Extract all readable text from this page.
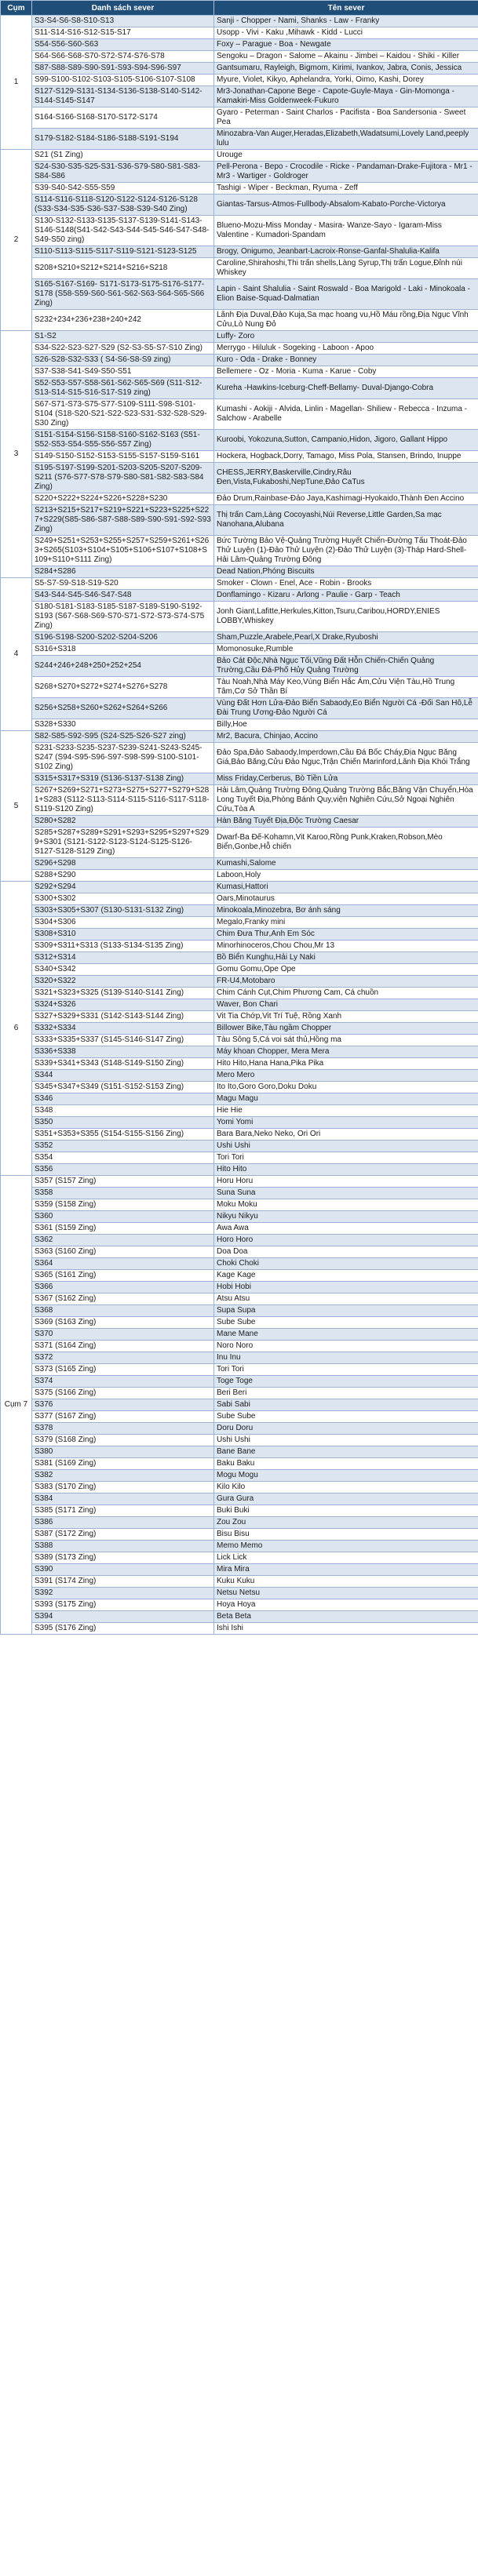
Cụm	Danh sách sever	Tên sever
1	S3-S4-S6-S8-S10-S13	Sanji - Chopper - Nami, Shanks - Law - Franky
	S11-S14-S16-S12-S15-S17	Usopp - Vivi - Kaku ,Mihawk - Kidd - Lucci
	S54-S56-S60-S63	Foxy – Parague - Boa - Newgate
	S64-S66-S68-S70-S72-S74-S76-S78	Sengoku – Dragon - Salome – Akainu - Jimbei – Kaidou - Shiki - Killer
	S87-S88-S89-S90-S91-S93-S94-S96-S97	Gantsumaru, Rayleigh, Bigmom, Kirimi, Ivankov, Jabra, Conis, Jessica
	S99-S100-S102-S103-S105-S106-S107-S108	Myure, Violet, Kikyo, Aphelandra, Yorki, Oimo, Kashi, Dorey
	S127-S129-S131-S134-S136-S138-S140-S142-S144-S145-S147	Mr3-Jonathan-Capone Bege - Capote-Guyle-Maya - Gin-Momonga - Kamakiri-Miss Goldenweek-Fukuro
	S164-S166-S168-S170-S172-S174	Gyaro - Peterman - Saint Charlos - Pacifista - Boa Sandersonia - Sweet Pea
	S179-S182-S184-S186-S188-S191-S194	Minozabra-Van Auger,Heradas,Elizabeth,Wadatsumi,Lovely Land,peeply lulu
2	S21 (S1 Zing)	Urouge
	S24-S30-S35-S25-S31-S36-S79-S80-S81-S83-S84-S86	Pell-Perona - Bepo - Crocodile - Ricke - Pandaman-Drake-Fujitora - Mr1 - Mr3 - Wartiger - Goldroger
	S39-S40-S42-S55-S59	Tashigi - Wiper - Beckman, Ryuma - Zeff
	S114-S116-S118-S120-S122-S124-S126-S128 (S33-S34-S35-S36-S37-S38-S39-S40 Zing)	Giantas-Tarsus-Atmos-Fullbody-Absalom-Kabato-Porche-Victorya
	S130-S132-S133-S135-S137-S139-S141-S143-S146-S148(S41-S42-S43-S44-S45-S46-S47-S48-S49-S50 zing)	Blueno-Mozu-Miss Monday - Masira- Wanze-Sayo - Igaram-Miss Valentine - Kumadori-Spandam
	S110-S113-S115-S117-S119-S121-S123-S125	Brogy, Onigumo, Jeanbart-Lacroix-Ronse-Ganfal-Shalulia-Kalifa
	S208+S210+S212+S214+S216+S218	Caroline,Shirahoshi,Thi trấn shells,Làng Syrup,Thị trấn Logue,Đỉnh núi Whiskey
	S165-S167-S169- S171-S173-S175-S176-S177-S178 (S58-S59-S60-S61-S62-S63-S64-S65-S66 Zing)	Lapin - Saint Shalulia - Saint Roswald - Boa Marigold - Laki - Minokoala - Elion Baise-Squad-Dalmatian
	S232+234+236+238+240+242	Lãnh Địa Duval,Đảo Kuja,Sa mạc hoang vu,Hồ Máu rồng,Địa Ngục Vĩnh Cửu,Lò Nung Đỏ
3	S1-S2	Luffy- Zoro
	S34-S22-S23-S27-S29 (S2-S3-S5-S7-S10 Zing)	Merrygo - Hiluluk - Sogeking - Laboon - Apoo
	S26-S28-S32-S33 ( S4-S6-S8-S9 zing)	Kuro - Oda - Drake - Bonney
	S37-S38-S41-S49-S50-S51	Bellemere - Oz - Moria - Kuma - Karue - Coby
	S52-S53-S57-S58-S61-S62-S65-S69 (S11-S12-S13-S14-S15-S16-S17-S19 zing)	Kureha -Hawkins-Iceburg-Cheff-Bellamy- Duval-Django-Cobra
	S67-S71-S73-S75-S77-S109-S111-S98-S101-S104 (S18-S20-S21-S22-S23-S31-S32-S28-S29-S30 Zing)	Kumashi - Aokiji - Alvida, Linlin - Magellan- Shiliew - Rebecca - Inzuma - Salchow - Arabelle
	S151-S154-S156-S158-S160-S162-S163 (S51-S52-S53-S54-S55-S56-S57 Zing)	Kuroobi, Yokozuna,Sutton, Campanio,Hidon, Jigoro, Gallant Hippo
	S149-S150-S152-S153-S155-S157-S159-S161	Hockera, Hogback,Dorry, Tamago, Miss Pola, Stansen, Brindo, Inuppe
	S195-S197-S199-S201-S203-S205-S207-S209-S211 (S76-S77-S78-S79-S80-S81-S82-S83-S84 Zing)	CHESS,JERRY,Baskerville,Cindry,Râu Đen,Vista,Fukaboshi,NepTune,Đảo CaTus
	S220+S222+S224+S226+S228+S230	Đảo Drum,Rainbase-Đảo Jaya,Kashimagi-Hyokaido,Thành Đen Accino
	S213+S215+S217+S219+S221+S223+S225+S227+S229(S85-S86-S87-S88-S89-S90-S91-S92-S93 Zing)	Thị trấn Cam,Làng Cocoyashi,Núi Reverse,Little Garden,Sa mạc Nanohana,Alubana
	S249+S251+S253+S255+S257+S259+S261+S263+S265(S103+S104+S105+S106+S107+S108+S109+S110+S111 Zing)	Bức Tường Bảo Vệ-Quảng Trường Huyết Chiến-Đường Tấu Thoát-Đảo Thử Luyện (1)-Đảo Thử Luyện (2)-Đảo Thử Luyện (3)-Tháp Hard-Shell-Hải Lâm-Quảng Trường Đông
	S284+S286	Dead Nation,Phóng Biscuits
4	S5-S7-S9-S18-S19-S20	Smoker - Clown - Enel, Ace - Robin - Brooks
	S43-S44-S45-S46-S47-S48	Donflamingo - Kizaru - Arlong - Paulie - Garp - Teach
	S180-S181-S183-S185-S187-S189-S190-S192-S193 (S67-S68-S69-S70-S71-S72-S73-S74-S75 Zing)	Jonh Giant,Lafitte,Herkules,Kitton,Tsuru,Caribou,HORDY,ENIES LOBBY,Whiskey
	S196-S198-S200-S202-S204-S206	Sham,Puzzle,Arabele,Pearl,X Drake,Ryuboshi
	S316+S318	Momonosuke,Rumble
	S244+246+248+250+252+254	Bảo Cát Độc,Nhà Ngục Tối,Vũng Đất Hỗn Chiến-Chiến Quảng Trường,Cầu Đá-Phố Hủy Quảng Trường
	S268+S270+S272+S274+S276+S278	Tàu Noah,Nhà Máy Keo,Vùng Biển Hắc Ám,Cửu Viện Tàu,Hồ Trung Tâm,Cơ Sở Thần Bí
	S256+S258+S260+S262+S264+S266	Vùng Đất Hơn Lửa-Đảo Biển Sabaody,Eo Biển Người Cá -Đối San Hô,Lễ Đài Trung Ương-Đảo Người Cá
	S328+S330	Billy,Hoe
5	S82-S85-S92-S95 (S24-S25-S26-S27 zing)	Mr2, Bacura, Chinjao, Accino
	S231-S233-S235-S237-S239-S241-S243-S245-S247 (S94-S95-S96-S97-S98-S99-S100-S101-S102 Zing)	Đảo Spa,Đảo Sabaody,Imperdown,Cầu Đá Bốc Cháy,Địa Ngục Băng Giá,Bảo Băng,Cửu Đảo Ngục,Trận Chiến Marinford,Lãnh Địa Khói Trắng
	S315+S317+S319 (S136-S137-S138 Zing)	Miss Friday,Cerberus, Bò Tiền Lửa
	S267+S269+S271+S273+S275+S277+S279+S281+S283 (S112-S113-S114-S115-S116-S117-S118-S119-S120 Zing)	Hải Lâm,Quảng Trường Đông,Quảng Trường Bắc,Băng Vận Chuyển,Hòa Long Tuyết Địa,Phòng Bánh Quy,viện Nghiên Cứu,Sở Ngoại Nghiên Cứu,Tòa A
	S280+S282	Hàn Băng Tuyết Địa,Độc Trường Caesar
	S285+S287+S289+S291+S293+S295+S297+S299+S301 (S121-S122-S123-S124-S125-S126-S127-S128-S129 Zing)	Dwarf-Ba Đế-Kohamn,Vit Karoo,Rồng Punk,Kraken,Robson,Mèo Biển,Gonbe,Hỗ chiến
	S296+S298	Kumashi,Salome
	S288+S290	Laboon,Holy
6	S292+S294	Kumasi,Hattori
	S300+S302	Oars,Minotaurus
	S303+S305+S307 (S130-S131-S132 Zing)	Minokoala,Minozebra, Bơ ánh sáng
	S304+S306	Megalo,Franky mini
	S308+S310	Chim Đưa Thư,Anh Em Sóc
	S309+S311+S313 (S133-S134-S135 Zing)	Minorhinoceros,Chou Chou,Mr 13
	S312+S314	Bồ Biển Kunghu,Hải Ly Naki
	S340+S342	Gomu Gomu,Ope Ope
	S320+S322	FR-U4,Motobaro
	S321+S323+S325 (S139-S140-S141 Zing)	Chim Cánh Cụt,Chim Phương Cam, Cá chuồn
	S324+S326	Waver, Bon Chari
	S327+S329+S331 (S142-S143-S144 Zing)	Vit Tia Chớp,Vit Trí Tuệ, Rồng Xanh
	S332+S334	Billower Bike,Tàu ngầm Chopper
	S333+S335+S337 (S145-S146-S147 Zing)	Tàu Sông 5,Cá voi sát thủ,Hồng ma
	S336+S338	Máy khoan Chopper, Mera Mera
	S339+S341+S343 (S148-S149-S150 Zing)	Hito Hito,Hana Hana,Pika Pika
	S344	Mero Mero
	S345+S347+S349 (S151-S152-S153 Zing)	Ito Ito,Goro Goro,Doku Doku
	S346	Magu Magu
	S348	Hie Hie
	S350	Yomi Yomi
	S351+S353+S355 (S154-S155-S156 Zing)	Bara Bara,Neko Neko, Ori Ori
	S352	Ushi Ushi
	S354	Tori Tori
	S356	Hito Hito
Cụm 7	S357 (S157 Zing)	Horu Horu
	S358	Suna Suna
	S359 (S158 Zing)	Moku Moku
	S360	Nikyu Nikyu
	S361 (S159 Zing)	Awa Awa
	S362	Horo Horo
	S363 (S160 Zing)	Doa Doa
	S364	Choki Choki
	S365 (S161 Zing)	Kage Kage
	S366	Hobi Hobi
	S367 (S162 Zing)	Atsu Atsu
	S368	Supa Supa
	S369 (S163 Zing)	Sube Sube
	S370	Mane Mane
	S371 (S164 Zing)	Noro Noro
	S372	Inu Inu
	S373 (S165 Zing)	Tori Tori
	S374	Toge Toge
	S375 (S166 Zing)	Beri Beri
	S376	Sabi Sabi
	S377 (S167 Zing)	Sube Sube
	S378	Doru Doru
	S379 (S168 Zing)	Ushi Ushi
	S380	Bane Bane
	S381 (S169 Zing)	Baku Baku
	S382	Mogu Mogu
	S383 (S170 Zing)	Kilo Kilo
	S384	Gura Gura
	S385 (S171 Zing)	Buki Buki
	S386	Zou Zou
	S387 (S172 Zing)	Bisu Bisu
	S388	Memo Memo
	S389 (S173 Zing)	Lick Lick
	S390	Mira Mira
	S391 (S174 Zing)	Kuku Kuku
	S392	Netsu Netsu
	S393 (S175 Zing)	Hoya Hoya
	S394	Beta Beta
	S395 (S176 Zing)	Ishi Ishi
